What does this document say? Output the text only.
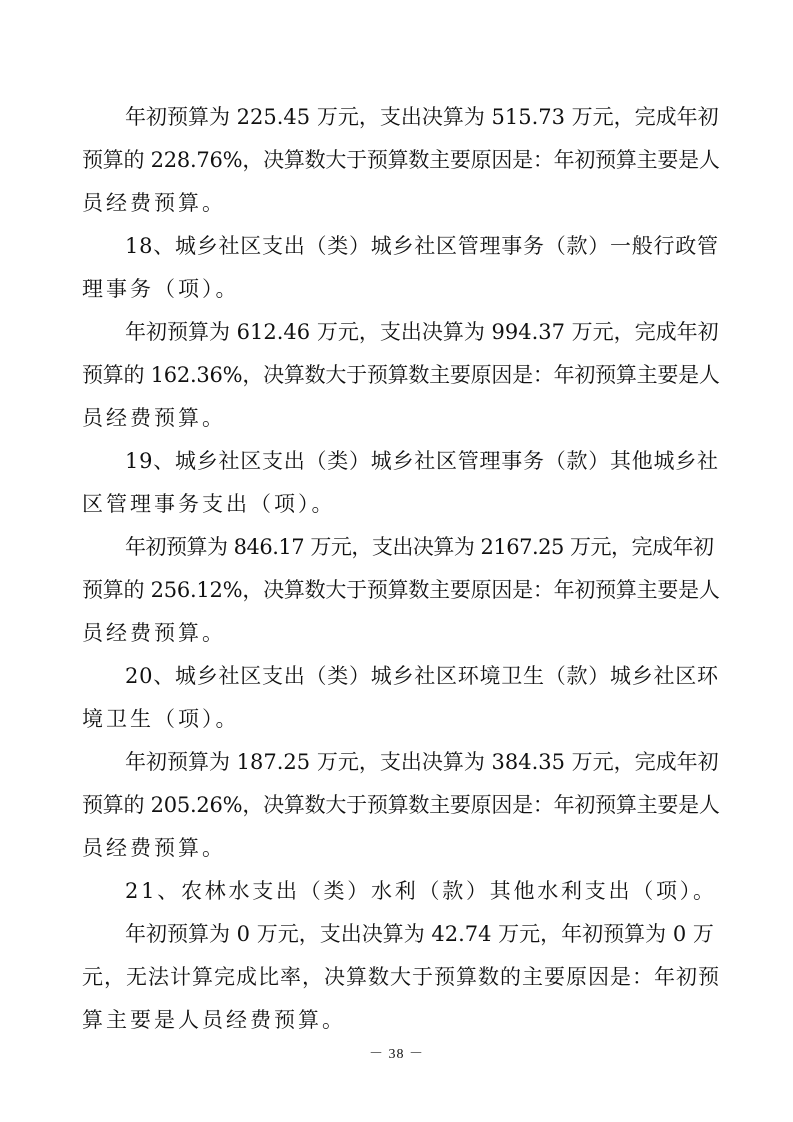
年初预算为 225.45 万元，支出决算为 515.73 万元，完成年初
预算的 228.76%，决算数大于预算数主要原因是：年初预算主要是人
员经费预算。
18、城乡社区支出（类）城乡社区管理事务（款）一般行政管
理事务（项）。
年初预算为 612.46 万元，支出决算为 994.37 万元，完成年初
预算的 162.36%，决算数大于预算数主要原因是：年初预算主要是人
员经费预算。
19、城乡社区支出（类）城乡社区管理事务（款）其他城乡社
区管理事务支出（项）。
年初预算为 846.17 万元，支出决算为 2167.25 万元，完成年初
预算的 256.12%，决算数大于预算数主要原因是：年初预算主要是人
员经费预算。
20、城乡社区支出（类）城乡社区环境卫生（款）城乡社区环
境卫生（项）。
年初预算为 187.25 万元，支出决算为 384.35 万元，完成年初
预算的 205.26%，决算数大于预算数主要原因是：年初预算主要是人
员经费预算。
21、农林水支出（类）水利（款）其他水利支出（项）。
年初预算为 0 万元，支出决算为 42.74 万元，年初预算为 0 万
元，无法计算完成比率，决算数大于预算数的主要原因是：年初预
算主要是人员经费预算。
－ 38 －
